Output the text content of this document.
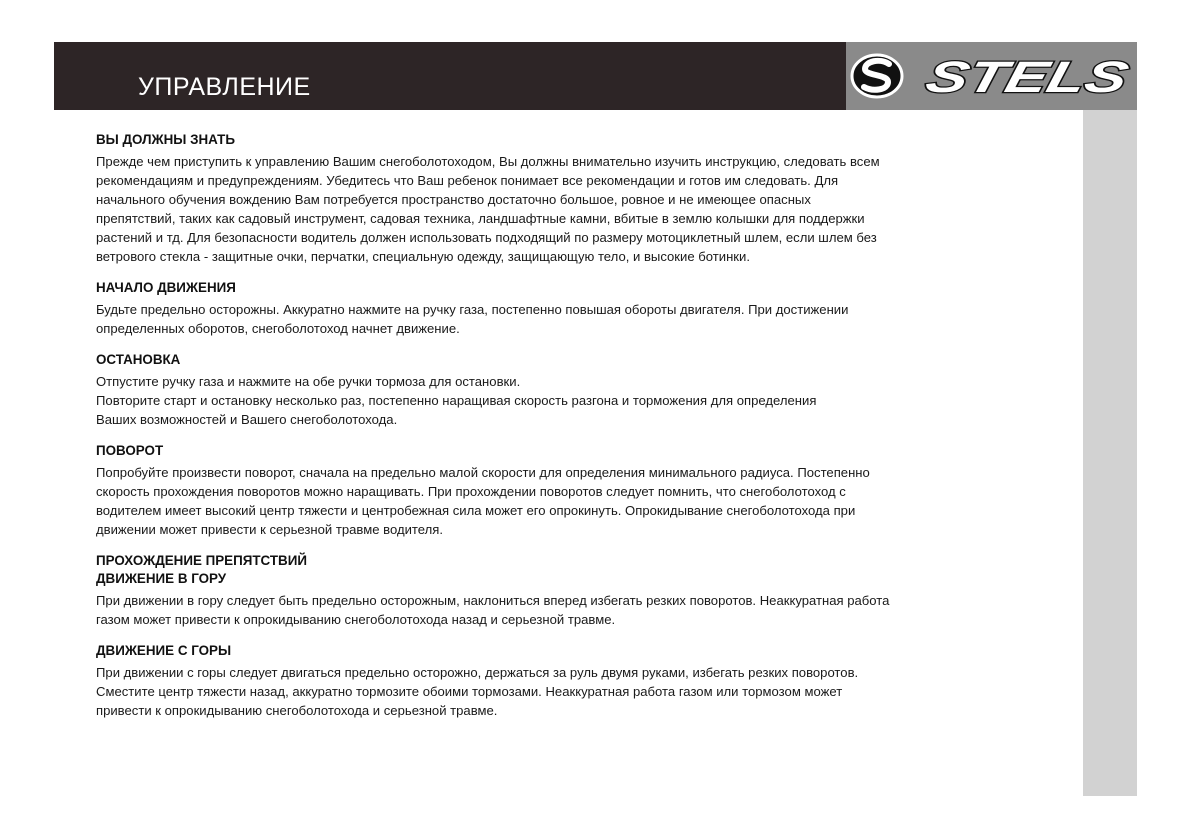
УПРАВЛЕНИЕ	STELS
ВЫ ДОЛЖНЫ ЗНАТЬ
Прежде чем приступить к управлению Вашим снегоболотоходом, Вы должны внимательно изучить инструкцию, следовать всем
рекомендациям и предупреждениям. Убедитесь что Ваш ребенок понимает все рекомендации и готов им следовать. Для
начального обучения вождению Вам потребуется пространство достаточно большое, ровное и не имеющее опасных
препятствий, таких как садовый инструмент, садовая техника, ландшафтные камни, вбитые в землю колышки для поддержки
растений и тд. Для безопасности водитель должен использовать подходящий по размеру мотоциклетный шлем, если шлем без
ветрового стекла - защитные очки, перчатки, специальную одежду, защищающую тело, и высокие ботинки.
НАЧАЛО ДВИЖЕНИЯ
Будьте предельно осторожны. Аккуратно нажмите на ручку газа, постепенно повышая обороты двигателя. При достижении
определенных оборотов, снегоболотоход начнет движение.
ОСТАНОВКА
Отпустите ручку газа и нажмите на обе ручки тормоза для остановки.
Повторите старт и остановку несколько раз, постепенно наращивая скорость разгона и торможения для определения
Ваших возможностей и Вашего снегоболотохода.
ПОВОРОТ
Попробуйте произвести поворот, сначала на предельно малой скорости для определения минимального радиуса. Постепенно
скорость прохождения поворотов можно наращивать. При прохождении поворотов следует помнить, что снегоболотоход с
водителем имеет высокий центр тяжести и центробежная сила может его опрокинуть. Опрокидывание снегоболотохода при
движении может привести к серьезной травме водителя.
ПРОХОЖДЕНИЕ ПРЕПЯТСТВИЙ
ДВИЖЕНИЕ В ГОРУ
При движении в гору следует быть предельно осторожным, наклониться вперед избегать резких поворотов. Неаккуратная работа
газом может привести к опрокидыванию снегоболотохода назад и серьезной травме.
ДВИЖЕНИЕ С ГОРЫ
При движении с горы следует двигаться предельно осторожно, держаться за руль двумя руками, избегать резких поворотов.
Сместите центр тяжести назад, аккуратно тормозите обоими тормозами. Неаккуратная работа газом или тормозом может
привести к опрокидыванию снегоболотохода и серьезной травме.
